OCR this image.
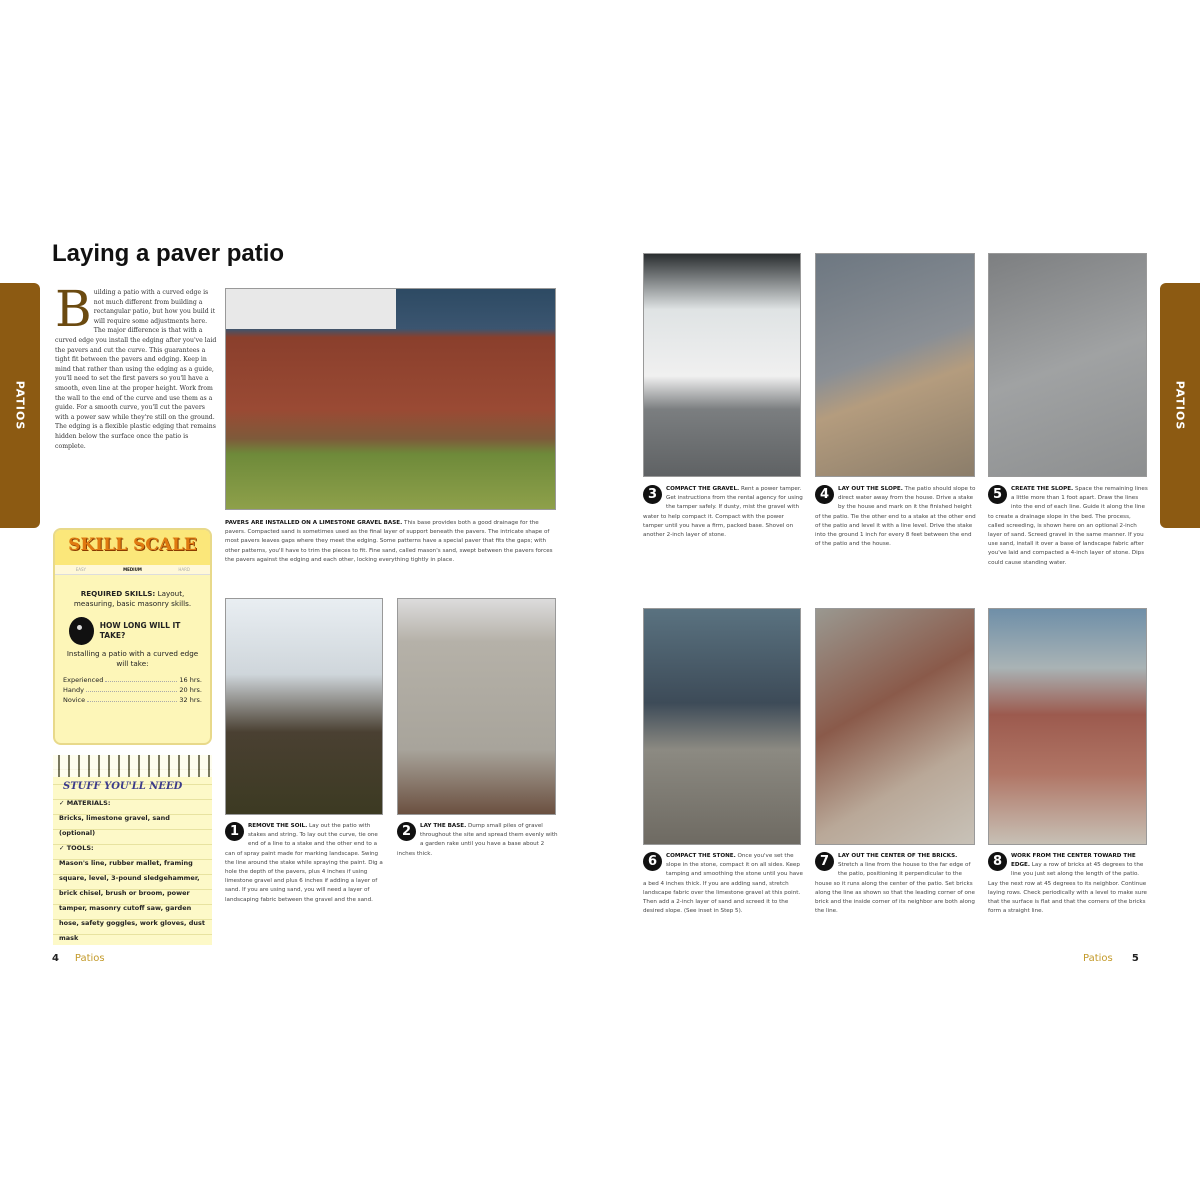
PATIOS	PATIOS
Laying a paver patio
Building a patio with a curved edge is not much different from building a rectangular patio, but how you build it will require some adjustments here. The major difference is that with a curved edge you install the edging after you've laid the pavers and cut the curve. This guarantees a tight fit between the pavers and edging. Keep in mind that rather than using the edging as a guide, you'll need to set the first pavers so you'll have a smooth, even line at the proper height. Work from the wall to the end of the curve and use them as a guide. For a smooth curve, you'll cut the pavers with a power saw while they're still on the ground. The edging is a flexible plastic edging that remains hidden below the surface once the patio is complete.
PAVERS ARE INSTALLED ON A LIMESTONE GRAVEL BASE. This base provides both a good drainage for the pavers. Compacted sand is sometimes used as the final layer of support beneath the pavers. The intricate shape of most pavers leaves gaps where they meet the edging. Some patterns have a special paver that fits the gaps; with other patterns, you'll have to trim the pieces to fit. Fine sand, called mason's sand, swept between the pavers forces the pavers against the edging and each other, locking everything tightly in place.
SKILL SCALE
EASY	MEDIUM	HARD
REQUIRED SKILLS: Layout, measuring, basic masonry skills.
HOW LONG WILL IT TAKE?
Installing a patio with a curved edge will take:
Experienced	16 hrs.
Handy	20 hrs.
Novice	32 hrs.
STUFF YOU'LL NEED
✓ MATERIALS:
Bricks, limestone gravel, sand (optional)
✓ TOOLS:
Mason's line, rubber mallet, framing square, level, 3-pound sledgehammer, brick chisel, brush or broom, power tamper, masonry cutoff saw, garden hose, safety goggles, work gloves, dust mask
1	REMOVE THE SOIL. Lay out the patio with stakes and string. To lay out the curve, tie one end of a line to a stake and the other end to a can of spray paint made for marking landscape. Swing the line around the stake while spraying the paint. Dig a hole the depth of the pavers, plus 4 inches if using limestone gravel and plus 6 inches if adding a layer of sand. If you are using sand, you will need a layer of landscaping fabric between the gravel and the sand.
2	LAY THE BASE. Dump small piles of gravel throughout the site and spread them evenly with a garden rake until you have a base about 2 inches thick.
3	COMPACT THE GRAVEL. Rent a power tamper. Get instructions from the rental agency for using the tamper safely. If dusty, mist the gravel with water to help compact it. Compact with the power tamper until you have a firm, packed base. Shovel on another 2-inch layer of stone.
4	LAY OUT THE SLOPE. The patio should slope to direct water away from the house. Drive a stake by the house and mark on it the finished height of the patio. Tie the other end to a stake at the other end of the patio and level it with a line level. Drive the stake into the ground 1 inch for every 8 feet between the end of the patio and the house.
5	CREATE THE SLOPE. Space the remaining lines a little more than 1 foot apart. Draw the lines into the end of each line. Guide it along the line to create a drainage slope in the bed. The process, called screeding, is shown here on an optional 2-inch layer of sand. Screed gravel in the same manner. If you use sand, install it over a base of landscape fabric after you've laid and compacted a 4-inch layer of stone. Dips could cause standing water.
6	COMPACT THE STONE. Once you've set the slope in the stone, compact it on all sides. Keep tamping and smoothing the stone until you have a bed 4 inches thick. If you are adding sand, stretch landscape fabric over the limestone gravel at this point. Then add a 2-inch layer of sand and screed it to the desired slope. (See inset in Step 5).
7	LAY OUT THE CENTER OF THE BRICKS. Stretch a line from the house to the far edge of the patio, positioning it perpendicular to the house so it runs along the center of the patio. Set bricks along the line as shown so that the leading corner of one brick and the inside corner of its neighbor are both along the line.
8	WORK FROM THE CENTER TOWARD THE EDGE. Lay a row of bricks at 45 degrees to the line you just set along the length of the patio. Lay the next row at 45 degrees to its neighbor. Continue laying rows. Check periodically with a level to make sure that the surface is flat and that the corners of the bricks form a straight line.
4 Patios	Patios 5
